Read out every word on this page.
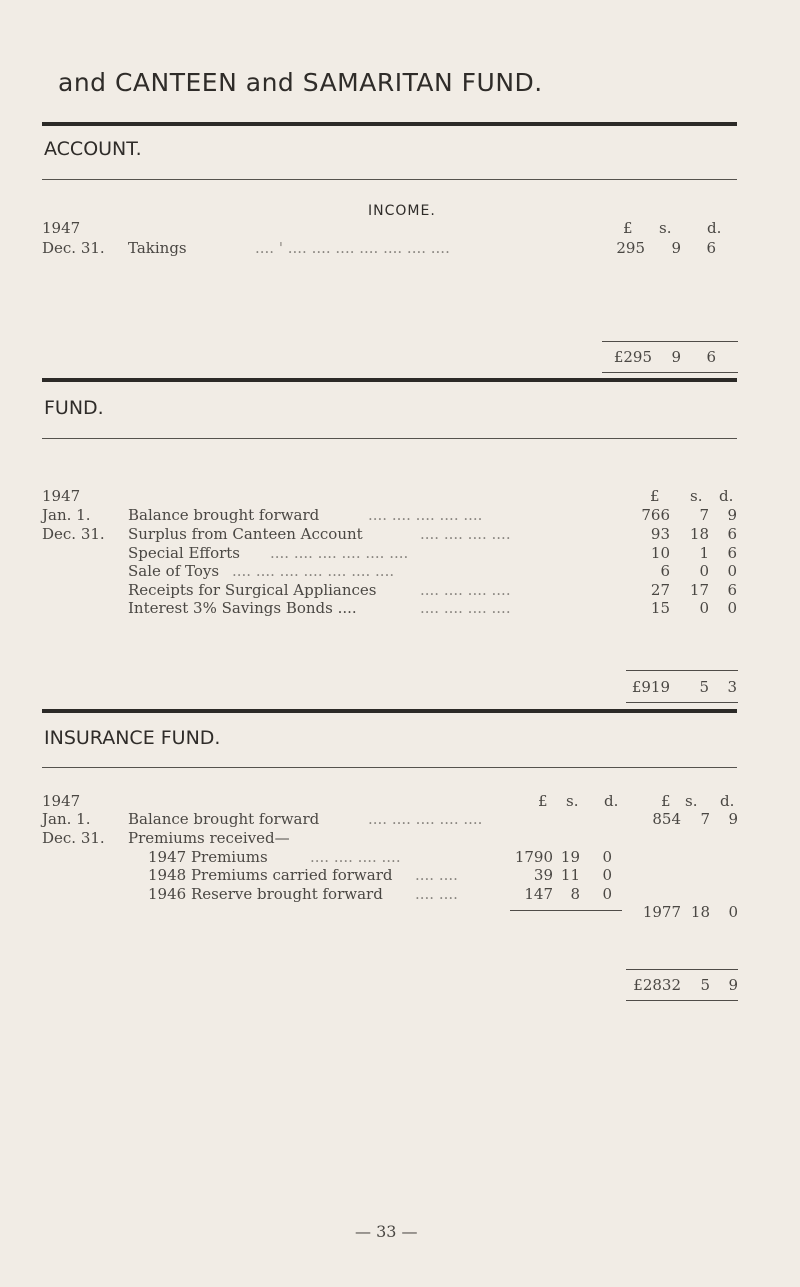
and CANTEEN and SAMARITAN FUND.
ACCOUNT.
INCOME.
1947	£ s. d.
Dec. 31. Takings	.... ' .... .... .... .... .... .... ....	295	9	6
£295	9	6
FUND.
1947	£ s. d.
Jan. 1.	Balance brought forward	.... .... .... .... ....	766	7	9
Dec. 31. Surplus from Canteen Account	.... .... .... ....	93	18	6
Special Efforts .... .... .... .... .... ....	10	1	6
Sale of Toys .... .... .... .... .... .... ....	6	0	0
Receipts for Surgical Appliances	.... .... .... ....	27	17	6
Interest 3% Savings Bonds ....	.... .... .... ....	15	0	0
£919	5	3
INSURANCE FUND.
1947	£ s. d.	£ s. d.
Jan. 1.	Balance brought forward	.... .... .... .... ....	854	7	9
Dec. 31. Premiums received—
1947 Premiums	.... .... .... ....	1790 19	0
1948 Premiums carried forward .... ....	39 11	0
1946 Reserve brought forward .... ....	147	8	0
1977 18	0
£2832	5	9
— 33 —
